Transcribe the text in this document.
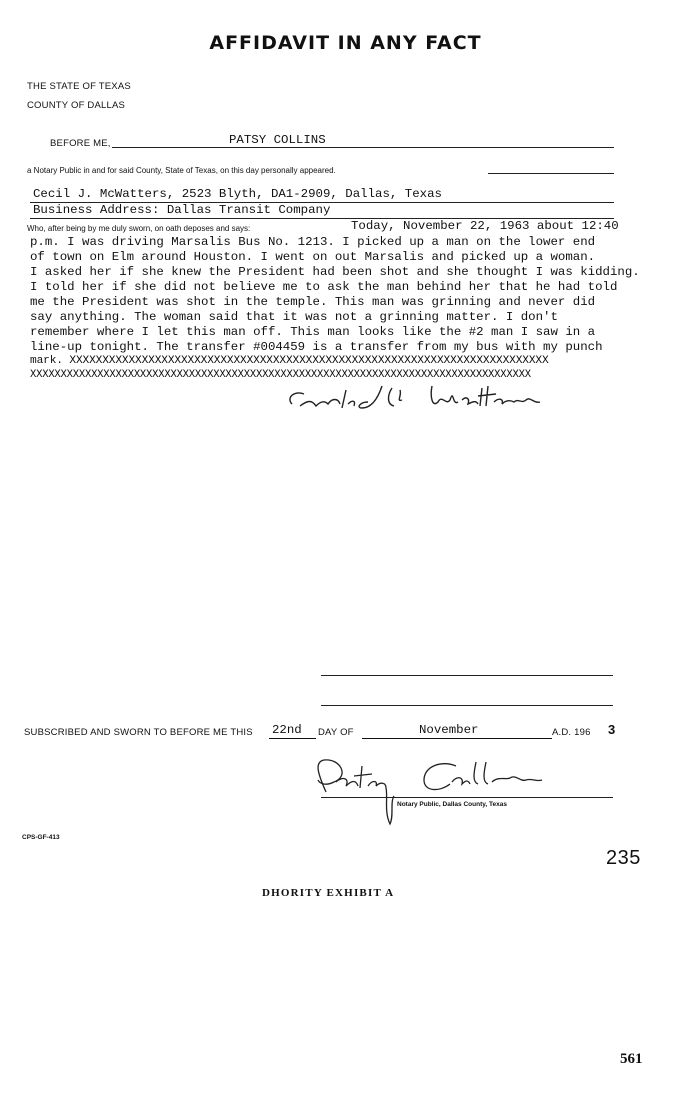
AFFIDAVIT IN ANY FACT
THE STATE OF TEXAS
COUNTY OF DALLAS
BEFORE ME,	PATSY COLLINS
a Notary Public in and for said County, State of Texas, on this day personally appeared.
Cecil J. McWatters, 2523 Blyth, DA1-2909, Dallas, Texas
Business Address: Dallas Transit Company
Who, after being by me duly sworn, on oath deposes and says:	Today, November 22, 1963 about 12:40
p.m. I was driving Marsalis Bus No. 1213. I picked up a man on the lower end
of town on Elm around Houston. I went on out Marsalis and picked up a woman.
I asked her if she knew the President had been shot and she thought I was kidding.
I told her if she did not believe me to ask the man behind her that he had told
me the President was shot in the temple. This man was grinning and never did
say anything. The woman said that it was not a grinning matter. I don't
remember where I let this man off. This man looks like the #2 man I saw in a
line-up tonight. The transfer #004459 is a transfer from my bus with my punch
mark. XXXXXXXXXXXXXXXXXXXXXXXXXXXXXXXXXXXXXXXXXXXXXXXXXXXXXXXXXXXXXXXXXXXXXXXXX
XXXXXXXXXXXXXXXXXXXXXXXXXXXXXXXXXXXXXXXXXXXXXXXXXXXXXXXXXXXXXXXXXXXXXXXXXXXXXXXXXX
SUBSCRIBED AND SWORN TO BEFORE ME THIS 22nd DAY OF	November	A.D. 196 3
Notary Public, Dallas County, Texas
CPS-GF-413
235
DHORITY EXHIBIT A
561
